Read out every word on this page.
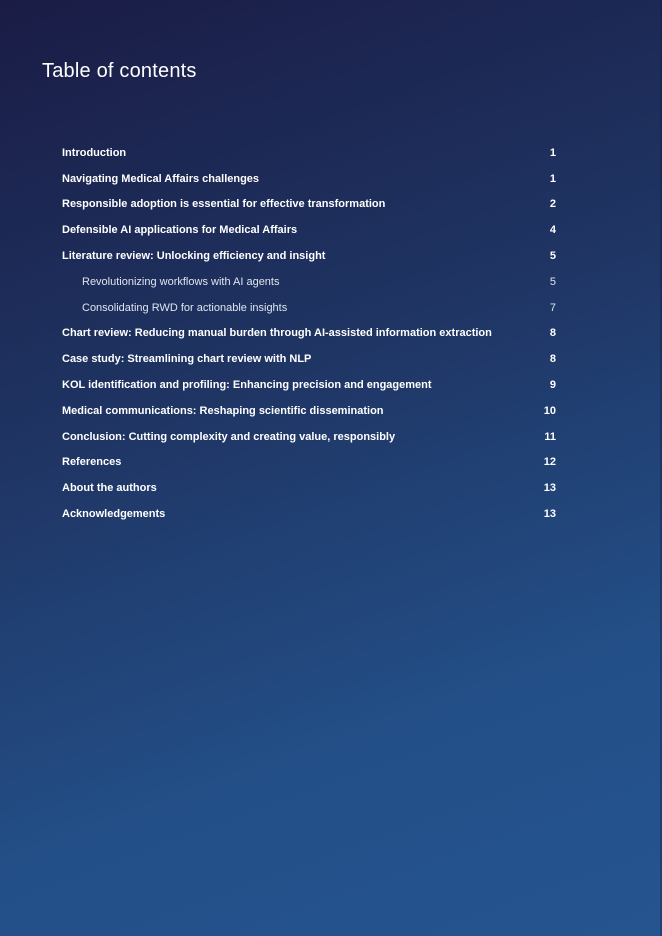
Table of contents
Introduction	1
Navigating Medical Affairs challenges	1
Responsible adoption is essential for effective transformation	2
Defensible AI applications for Medical Affairs	4
Literature review: Unlocking efficiency and insight	5
Revolutionizing workflows with AI agents	5
Consolidating RWD for actionable insights	7
Chart review: Reducing manual burden through AI-assisted information extraction	8
Case study: Streamlining chart review with NLP	8
KOL identification and profiling: Enhancing precision and engagement	9
Medical communications: Reshaping scientific dissemination	10
Conclusion: Cutting complexity and creating value, responsibly	11
References	12
About the authors	13
Acknowledgements	13
